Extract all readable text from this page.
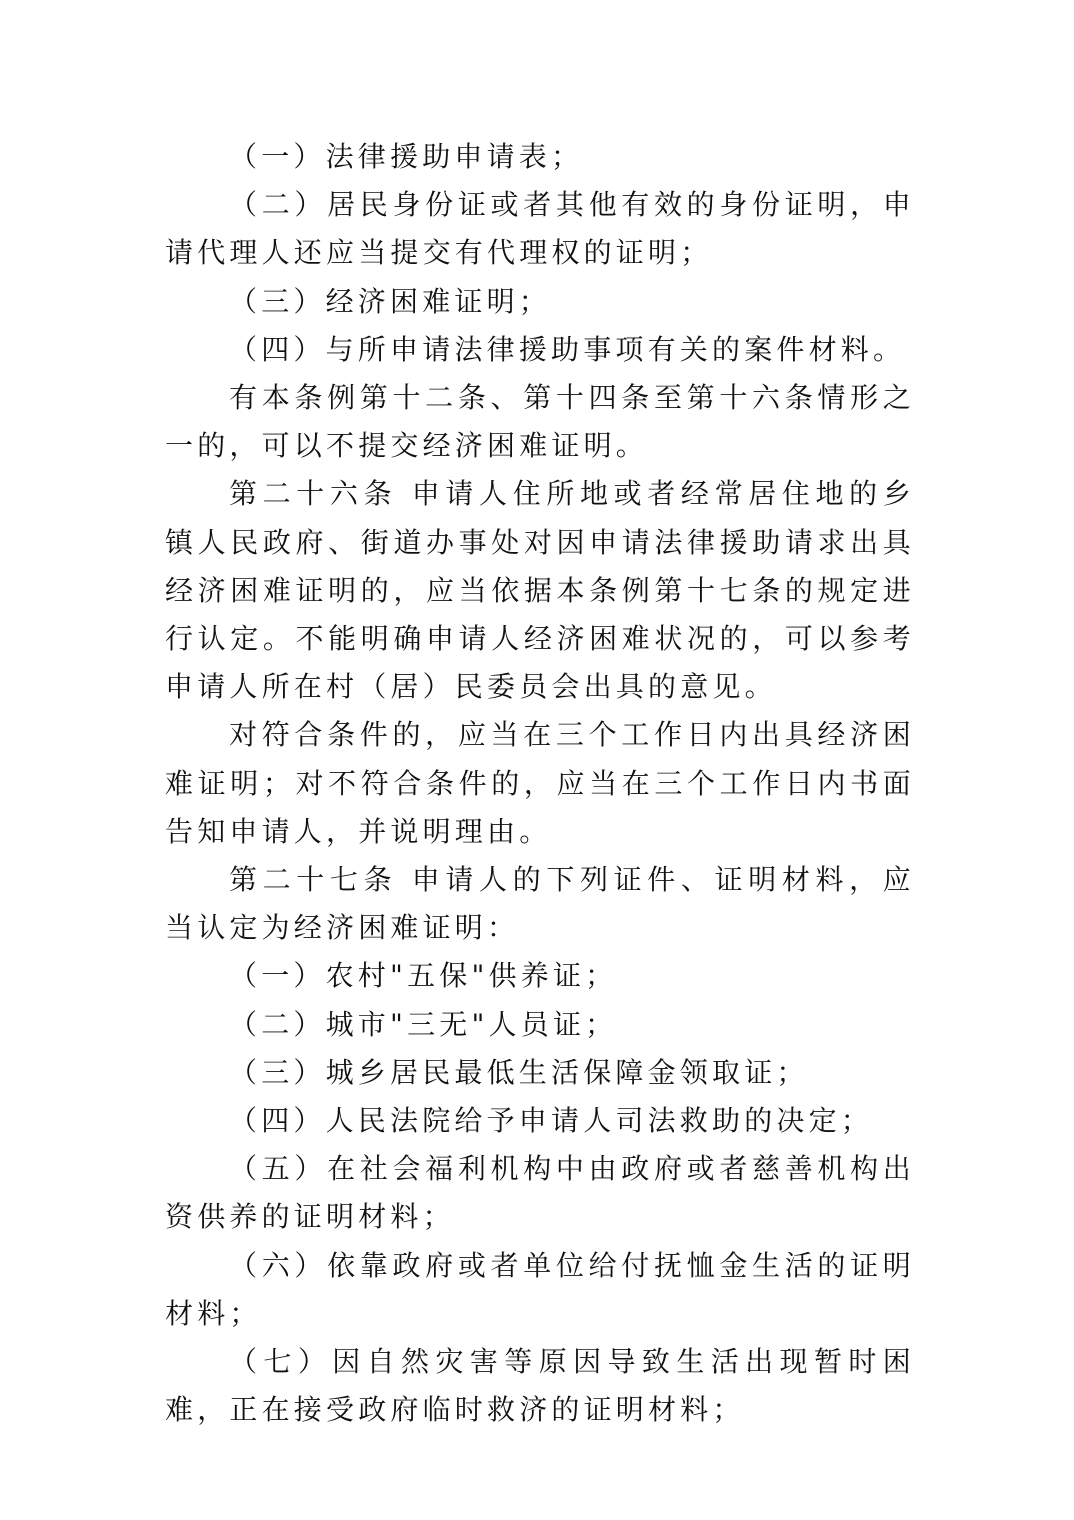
（一）法律援助申请表；

（二）居民身份证或者其他有效的身份证明，申请代理人还应当提交有代理权的证明；

（三）经济困难证明；

（四）与所申请法律援助事项有关的案件材料。

有本条例第十二条、第十四条至第十六条情形之一的，可以不提交经济困难证明。

第二十六条 申请人住所地或者经常居住地的乡镇人民政府、街道办事处对因申请法律援助请求出具经济困难证明的，应当依据本条例第十七条的规定进行认定。不能明确申请人经济困难状况的，可以参考申请人所在村（居）民委员会出具的意见。

对符合条件的，应当在三个工作日内出具经济困难证明；对不符合条件的，应当在三个工作日内书面告知申请人，并说明理由。

第二十七条 申请人的下列证件、证明材料，应当认定为经济困难证明：

（一）农村"五保"供养证；

（二）城市"三无"人员证；

（三）城乡居民最低生活保障金领取证；

（四）人民法院给予申请人司法救助的决定；

（五）在社会福利机构中由政府或者慈善机构出资供养的证明材料；

（六）依靠政府或者单位给付抚恤金生活的证明材料；

（七）因自然灾害等原因导致生活出现暂时困难，正在接受政府临时救济的证明材料；
